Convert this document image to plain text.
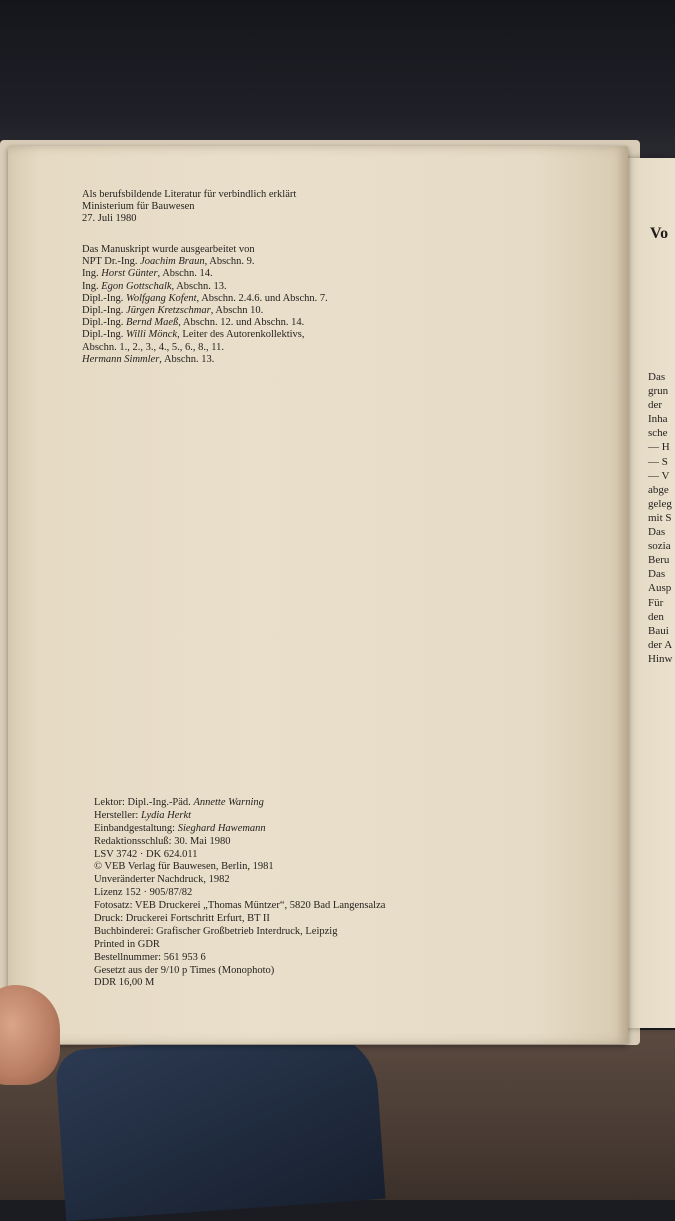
Vo
Das
grun
der
Inha
sche
— H
— S
— V
abge
geleg
mit S
Das
sozia
Beru
Das
Ausp
Für
den
Baui
der A
Hinw
Als berufsbildende Literatur für verbindlich erklärt
Ministerium für Bauwesen
27. Juli 1980
Das Manuskript wurde ausgearbeitet von
NPT Dr.-Ing. Joachim Braun, Abschn. 9.
Ing. Horst Günter, Abschn. 14.
Ing. Egon Gottschalk, Abschn. 13.
Dipl.-Ing. Wolfgang Kofent, Abschn. 2.4.6. und Abschn. 7.
Dipl.-Ing. Jürgen Kretzschmar, Abschn 10.
Dipl.-Ing. Bernd Maeß, Abschn. 12. und Abschn. 14.
Dipl.-Ing. Willi Mönck, Leiter des Autorenkollektivs,
Abschn. 1., 2., 3., 4., 5., 6., 8., 11.
Hermann Simmler, Abschn. 13.
Lektor: Dipl.-Ing.-Päd. Annette Warning
Hersteller: Lydia Herkt
Einbandgestaltung: Sieghard Hawemann
Redaktionsschluß: 30. Mai 1980
LSV 3742 · DK 624.011
© VEB Verlag für Bauwesen, Berlin, 1981
Unveränderter Nachdruck, 1982
Lizenz 152 · 905/87/82
Fotosatz: VEB Druckerei „Thomas Müntzer“, 5820 Bad Langensalza
Druck: Druckerei Fortschritt Erfurt, BT II
Buchbinderei: Grafischer Großbetrieb Interdruck, Leipzig
Printed in GDR
Bestellnummer: 561 953 6
Gesetzt aus der 9/10 p Times (Monophoto)
DDR 16,00 M
